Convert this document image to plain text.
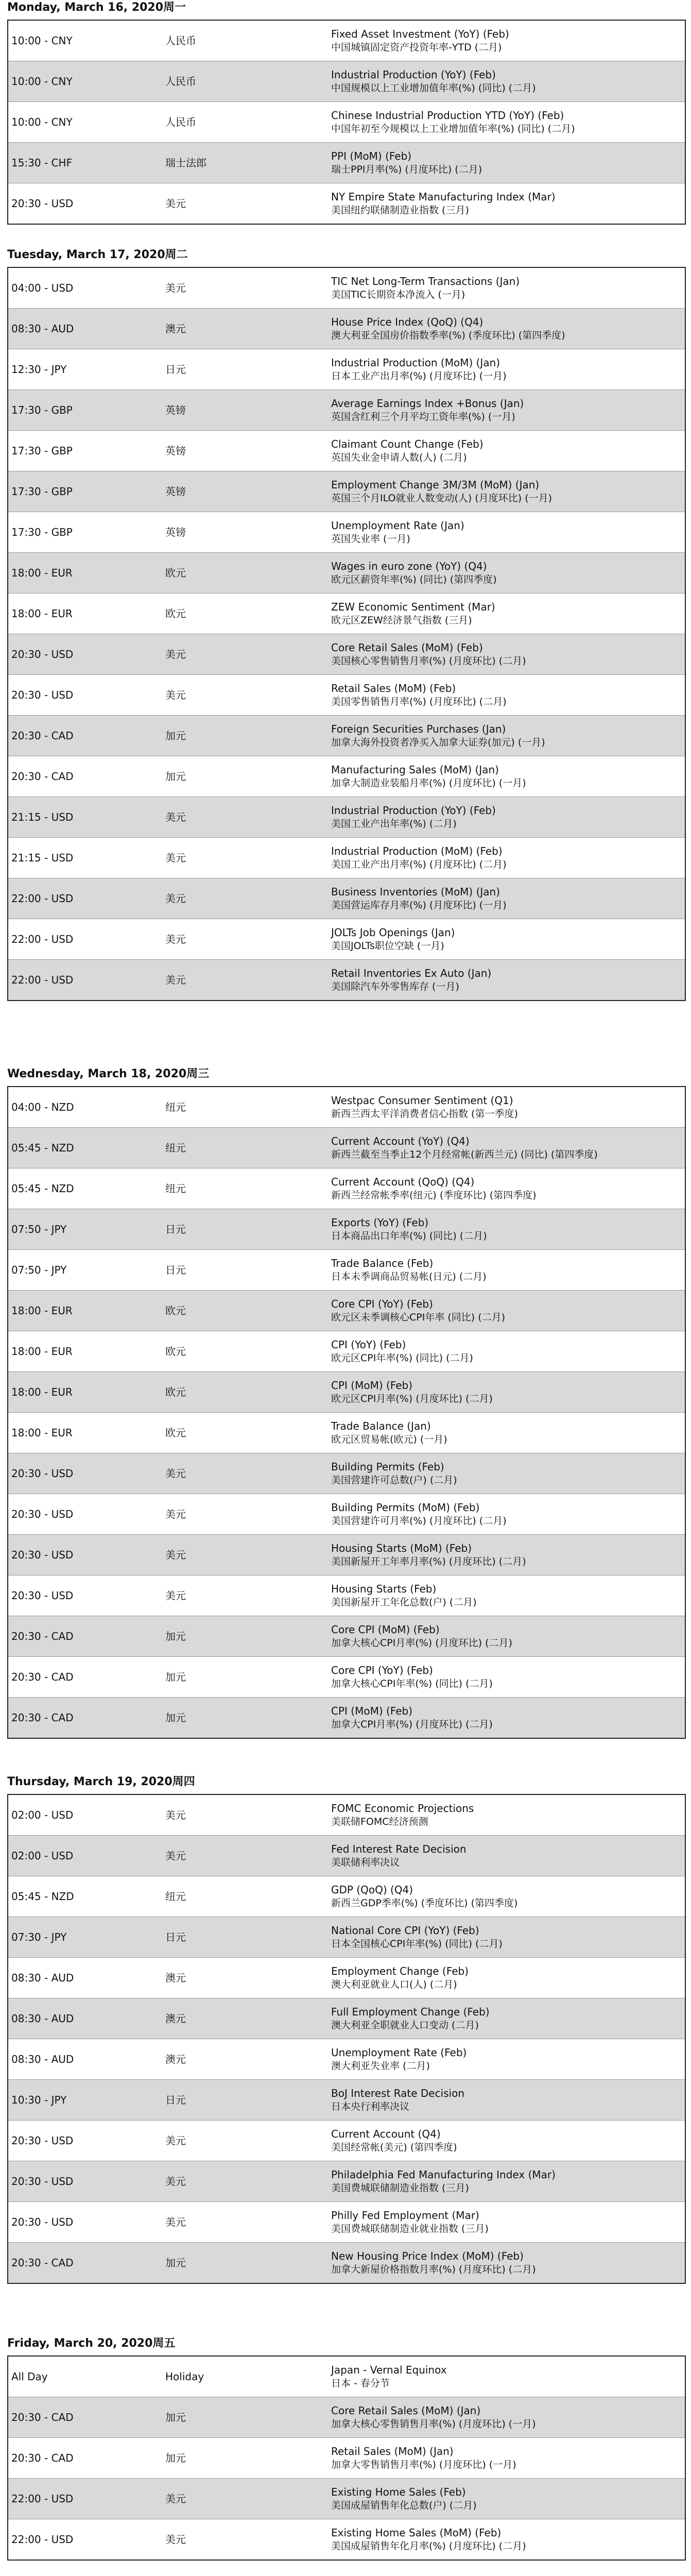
Monday, March 16, 2020周一
10:00 - CNY	人民币	Fixed Asset Investment (YoY) (Feb)
中国城镇固定资产投资年率-YTD (二月)

10:00 - CNY	人民币	Industrial Production (YoY) (Feb)
中国规模以上工业增加值年率(%) (同比) (二月)

10:00 - CNY	人民币	Chinese Industrial Production YTD (YoY) (Feb)
中国年初至今规模以上工业增加值年率(%) (同比) (二月)

15:30 - CHF	瑞士法郎	PPI (MoM) (Feb)
瑞士PPI月率(%) (月度环比) (二月)

20:30 - USD	美元	NY Empire State Manufacturing Index (Mar)
美国纽约联储制造业指数 (三月)
Tuesday, March 17, 2020周二
04:00 - USD	美元	TIC Net Long-Term Transactions (Jan)
美国TIC长期资本净流入 (一月)

08:30 - AUD	澳元	House Price Index (QoQ) (Q4)
澳大利亚全国房价指数季率(%) (季度环比) (第四季度)

12:30 - JPY	日元	Industrial Production (MoM) (Jan)
日本工业产出月率(%) (月度环比) (一月)

17:30 - GBP	英镑	Average Earnings Index +Bonus (Jan)
英国含红利三个月平均工资年率(%) (一月)

17:30 - GBP	英镑	Claimant Count Change (Feb)
英国失业金申请人数(人) (二月)

17:30 - GBP	英镑	Employment Change 3M/3M (MoM) (Jan)
英国三个月ILO就业人数变动(人) (月度环比) (一月)

17:30 - GBP	英镑	Unemployment Rate (Jan)
英国失业率 (一月)

18:00 - EUR	欧元	Wages in euro zone (YoY) (Q4)
欧元区薪资年率(%) (同比) (第四季度)

18:00 - EUR	欧元	ZEW Economic Sentiment (Mar)
欧元区ZEW经济景气指数 (三月)

20:30 - USD	美元	Core Retail Sales (MoM) (Feb)
美国核心零售销售月率(%) (月度环比) (二月)

20:30 - USD	美元	Retail Sales (MoM) (Feb)
美国零售销售月率(%) (月度环比) (二月)

20:30 - CAD	加元	Foreign Securities Purchases (Jan)
加拿大海外投资者净买入加拿大证券(加元) (一月)

20:30 - CAD	加元	Manufacturing Sales (MoM) (Jan)
加拿大制造业装船月率(%) (月度环比) (一月)

21:15 - USD	美元	Industrial Production (YoY) (Feb)
美国工业产出年率(%) (二月)

21:15 - USD	美元	Industrial Production (MoM) (Feb)
美国工业产出月率(%) (月度环比) (二月)

22:00 - USD	美元	Business Inventories (MoM) (Jan)
美国营运库存月率(%) (月度环比) (一月)

22:00 - USD	美元	JOLTs Job Openings (Jan)
美国JOLTs职位空缺 (一月)

22:00 - USD	美元	Retail Inventories Ex Auto (Jan)
美国除汽车外零售库存 (一月)
Wednesday, March 18, 2020周三
04:00 - NZD	纽元	Westpac Consumer Sentiment (Q1)
新西兰西太平洋消费者信心指数 (第一季度)

05:45 - NZD	纽元	Current Account (YoY) (Q4)
新西兰截至当季止12个月经常帐(新西兰元) (同比) (第四季度)

05:45 - NZD	纽元	Current Account (QoQ) (Q4)
新西兰经常帐季率(纽元) (季度环比) (第四季度)

07:50 - JPY	日元	Exports (YoY) (Feb)
日本商品出口年率(%) (同比) (二月)

07:50 - JPY	日元	Trade Balance (Feb)
日本未季调商品贸易帐(日元) (二月)

18:00 - EUR	欧元	Core CPI (YoY) (Feb)
欧元区未季调核心CPI年率 (同比) (二月)

18:00 - EUR	欧元	CPI (YoY) (Feb)
欧元区CPI年率(%) (同比) (二月)

18:00 - EUR	欧元	CPI (MoM) (Feb)
欧元区CPI月率(%) (月度环比) (二月)

18:00 - EUR	欧元	Trade Balance (Jan)
欧元区贸易帐(欧元) (一月)

20:30 - USD	美元	Building Permits (Feb)
美国营建许可总数(户) (二月)

20:30 - USD	美元	Building Permits (MoM) (Feb)
美国营建许可月率(%) (月度环比) (二月)

20:30 - USD	美元	Housing Starts (MoM) (Feb)
美国新屋开工年率月率(%) (月度环比) (二月)

20:30 - USD	美元	Housing Starts (Feb)
美国新屋开工年化总数(户) (二月)

20:30 - CAD	加元	Core CPI (MoM) (Feb)
加拿大核心CPI月率(%) (月度环比) (二月)

20:30 - CAD	加元	Core CPI (YoY) (Feb)
加拿大核心CPI年率(%) (同比) (二月)

20:30 - CAD	加元	CPI (MoM) (Feb)
加拿大CPI月率(%) (月度环比) (二月)
Thursday, March 19, 2020周四
02:00 - USD	美元	FOMC Economic Projections
美联储FOMC经济预测

02:00 - USD	美元	Fed Interest Rate Decision
美联储利率决议

05:45 - NZD	纽元	GDP (QoQ) (Q4)
新西兰GDP季率(%) (季度环比) (第四季度)

07:30 - JPY	日元	National Core CPI (YoY) (Feb)
日本全国核心CPI年率(%) (同比) (二月)

08:30 - AUD	澳元	Employment Change (Feb)
澳大利亚就业人口(人) (二月)

08:30 - AUD	澳元	Full Employment Change (Feb)
澳大利亚全职就业人口变动 (二月)

08:30 - AUD	澳元	Unemployment Rate (Feb)
澳大利亚失业率 (二月)

10:30 - JPY	日元	BoJ Interest Rate Decision
日本央行利率决议

20:30 - USD	美元	Current Account (Q4)
美国经常帐(美元) (第四季度)

20:30 - USD	美元	Philadelphia Fed Manufacturing Index (Mar)
美国费城联储制造业指数 (三月)

20:30 - USD	美元	Philly Fed Employment (Mar)
美国费城联储制造业就业指数 (三月)

20:30 - CAD	加元	New Housing Price Index (MoM) (Feb)
加拿大新屋价格指数月率(%) (月度环比) (二月)
Friday, March 20, 2020周五
All Day	Holiday	Japan - Vernal Equinox
日本 - 春分节

20:30 - CAD	加元	Core Retail Sales (MoM) (Jan)
加拿大核心零售销售月率(%) (月度环比) (一月)

20:30 - CAD	加元	Retail Sales (MoM) (Jan)
加拿大零售销售月率(%) (月度环比) (一月)

22:00 - USD	美元	Existing Home Sales (Feb)
美国成屋销售年化总数(户) (二月)

22:00 - USD	美元	Existing Home Sales (MoM) (Feb)
美国成屋销售年化月率(%) (月度环比) (二月)
